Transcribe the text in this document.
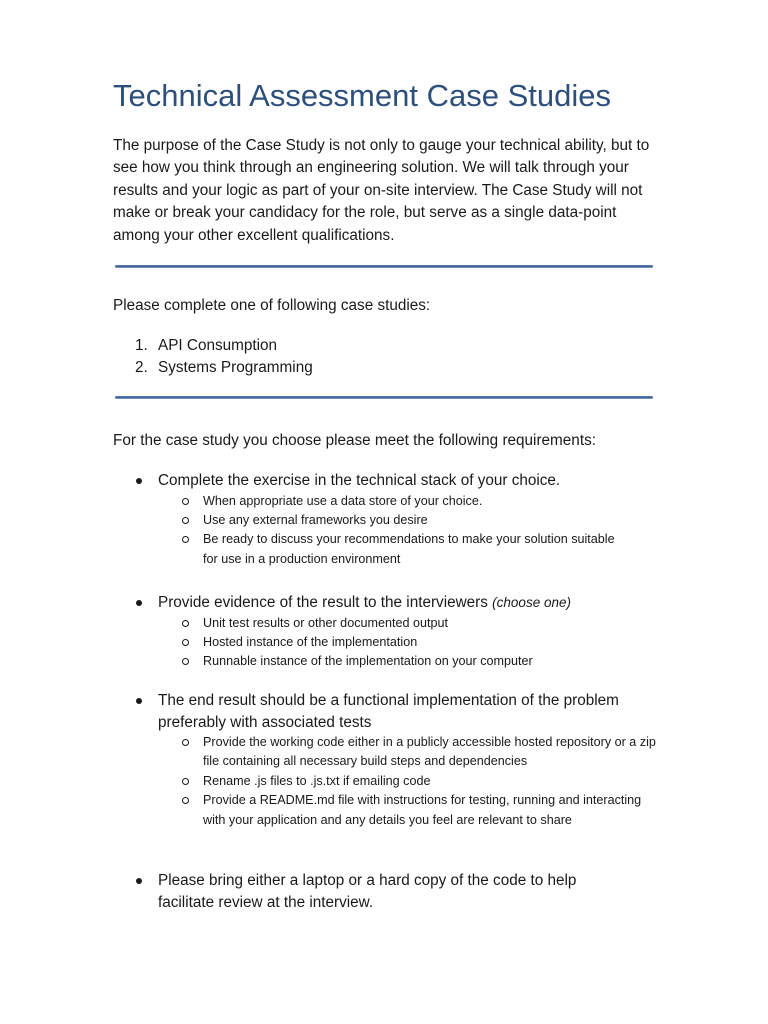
Technical Assessment Case Studies

The purpose of the Case Study is not only to gauge your technical ability, but to see how you think through an engineering solution. We will talk through your results and your logic as part of your on-site interview. The Case Study will not make or break your candidacy for the role, but serve as a single data-point among your other excellent qualifications.

Please complete one of following case studies:

1. API Consumption
2. Systems Programming

For the case study you choose please meet the following requirements:

Complete the exercise in the technical stack of your choice.
When appropriate use a data store of your choice.
Use any external frameworks you desire
Be ready to discuss your recommendations to make your solution suitable for use in a production environment
Provide evidence of the result to the interviewers (choose one)
Unit test results or other documented output
Hosted instance of the implementation
Runnable instance of the implementation on your computer
The end result should be a functional implementation of the problem preferably with associated tests
Provide the working code either in a publicly accessible hosted repository or a zip file containing all necessary build steps and dependencies
Rename .js files to .js.txt if emailing code
Provide a README.md file with instructions for testing, running and interacting with your application and any details you feel are relevant to share
Please bring either a laptop or a hard copy of the code to help facilitate review at the interview.
